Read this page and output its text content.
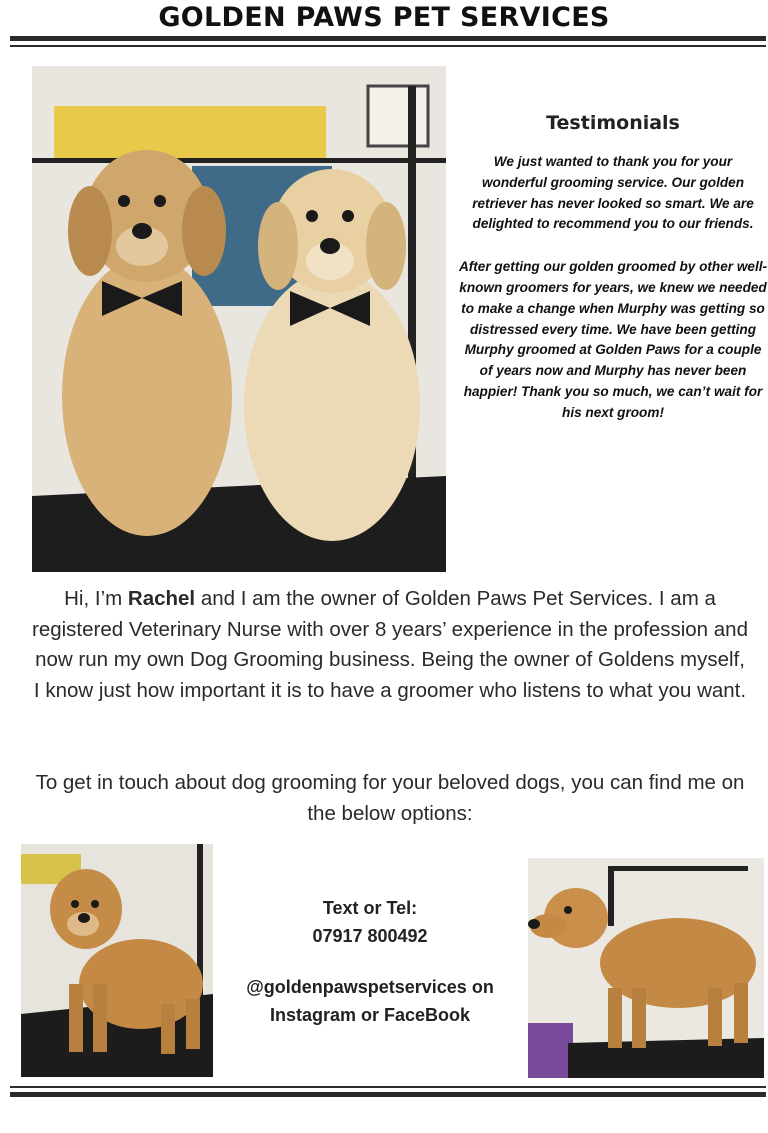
GOLDEN PAWS PET SERVICES
Testimonials

We just wanted to thank you for your wonderful grooming service. Our golden retriever has never looked so smart. We are delighted to recommend you to our friends.

After getting our golden groomed by other well-known groomers for years, we knew we needed to make a change when Murphy was getting so distressed every time. We have been getting Murphy groomed at Golden Paws for a couple of years now and Murphy has never been happier! Thank you so much, we can’t wait for his next groom!

Hi, I’m Rachel and I am the owner of Golden Paws Pet Services. I am a registered Veterinary Nurse with over 8 years’ experience in the profession and now run my own Dog Grooming business. Being the owner of Goldens myself, I know just how important it is to have a groomer who listens to what you want.
To get in touch about dog grooming for your beloved dogs, you can find me on the below options:
Text or Tel:
07917 800492
@goldenpawspetservices on
Instagram or FaceBook
